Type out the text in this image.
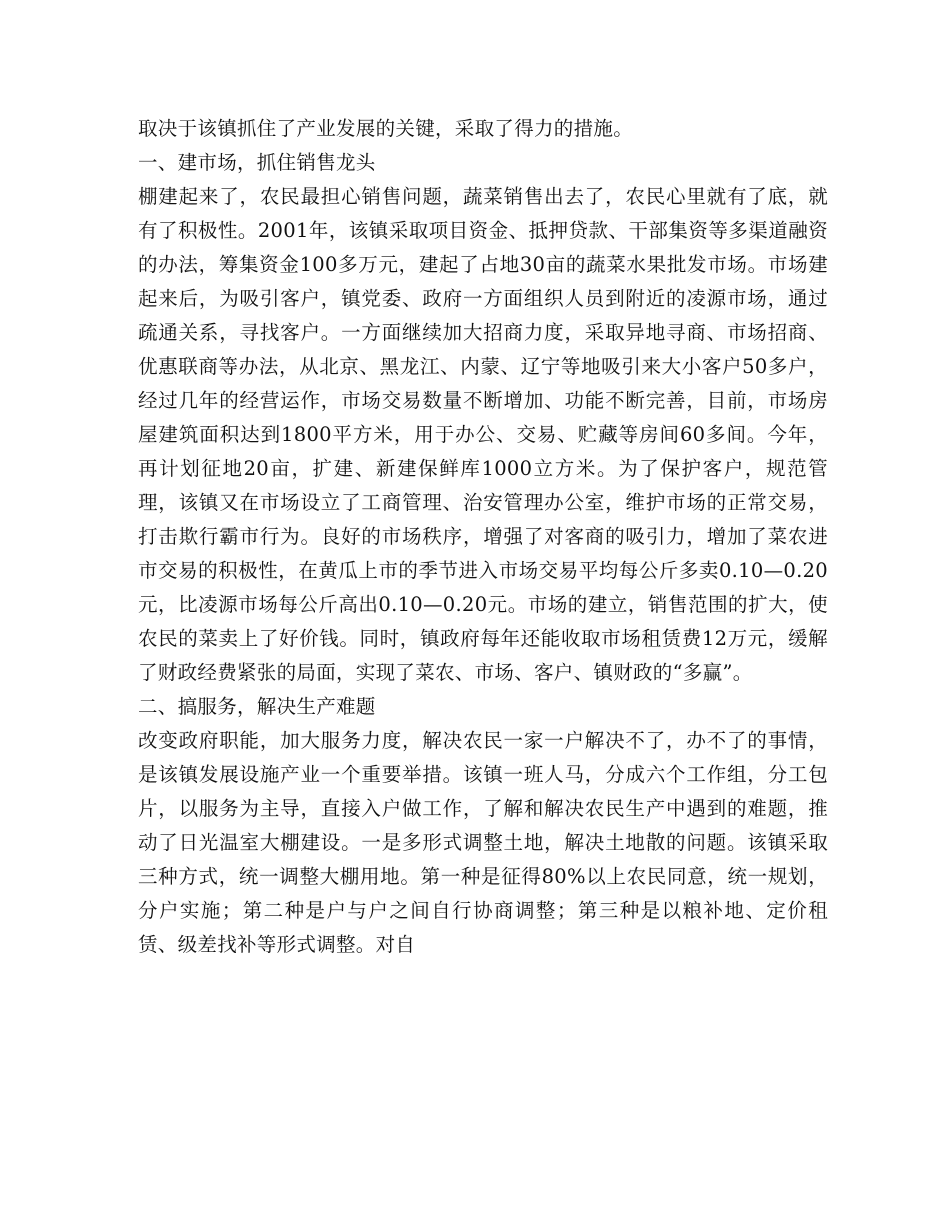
取决于该镇抓住了产业发展的关键，采取了得力的措施。

一、建市场，抓住销售龙头

棚建起来了，农民最担心销售问题，蔬菜销售出去了，农民心里就有了底，就有了积极性。2001年，该镇采取项目资金、抵押贷款、干部集资等多渠道融资的办法，筹集资金100多万元，建起了占地30亩的蔬菜水果批发市场。市场建起来后，为吸引客户，镇党委、政府一方面组织人员到附近的凌源市场，通过疏通关系，寻找客户。一方面继续加大招商力度，采取异地寻商、市场招商、优惠联商等办法，从北京、黑龙江、内蒙、辽宁等地吸引来大小客户50多户，经过几年的经营运作，市场交易数量不断增加、功能不断完善，目前，市场房屋建筑面积达到1800平方米，用于办公、交易、贮藏等房间60多间。今年，再计划征地20亩，扩建、新建保鲜库1000立方米。为了保护客户，规范管理，该镇又在市场设立了工商管理、治安管理办公室，维护市场的正常交易，打击欺行霸市行为。良好的市场秩序，增强了对客商的吸引力，增加了菜农进市交易的积极性，在黄瓜上市的季节进入市场交易平均每公斤多卖0.10—0.20元，比凌源市场每公斤高出0.10—0.20元。市场的建立，销售范围的扩大，使农民的菜卖上了好价钱。同时，镇政府每年还能收取市场租赁费12万元，缓解了财政经费紧张的局面，实现了菜农、市场、客户、镇财政的“多赢”。

二、搞服务，解决生产难题

改变政府职能，加大服务力度，解决农民一家一户解决不了，办不了的事情，是该镇发展设施产业一个重要举措。该镇一班人马，分成六个工作组，分工包片，以服务为主导，直接入户做工作，了解和解决农民生产中遇到的难题，推动了日光温室大棚建设。一是多形式调整土地，解决土地散的问题。该镇采取三种方式，统一调整大棚用地。第一种是征得80%以上农民同意，统一规划，分户实施；第二种是户与户之间自行协商调整；第三种是以粮补地、定价租赁、级差找补等形式调整。对自
